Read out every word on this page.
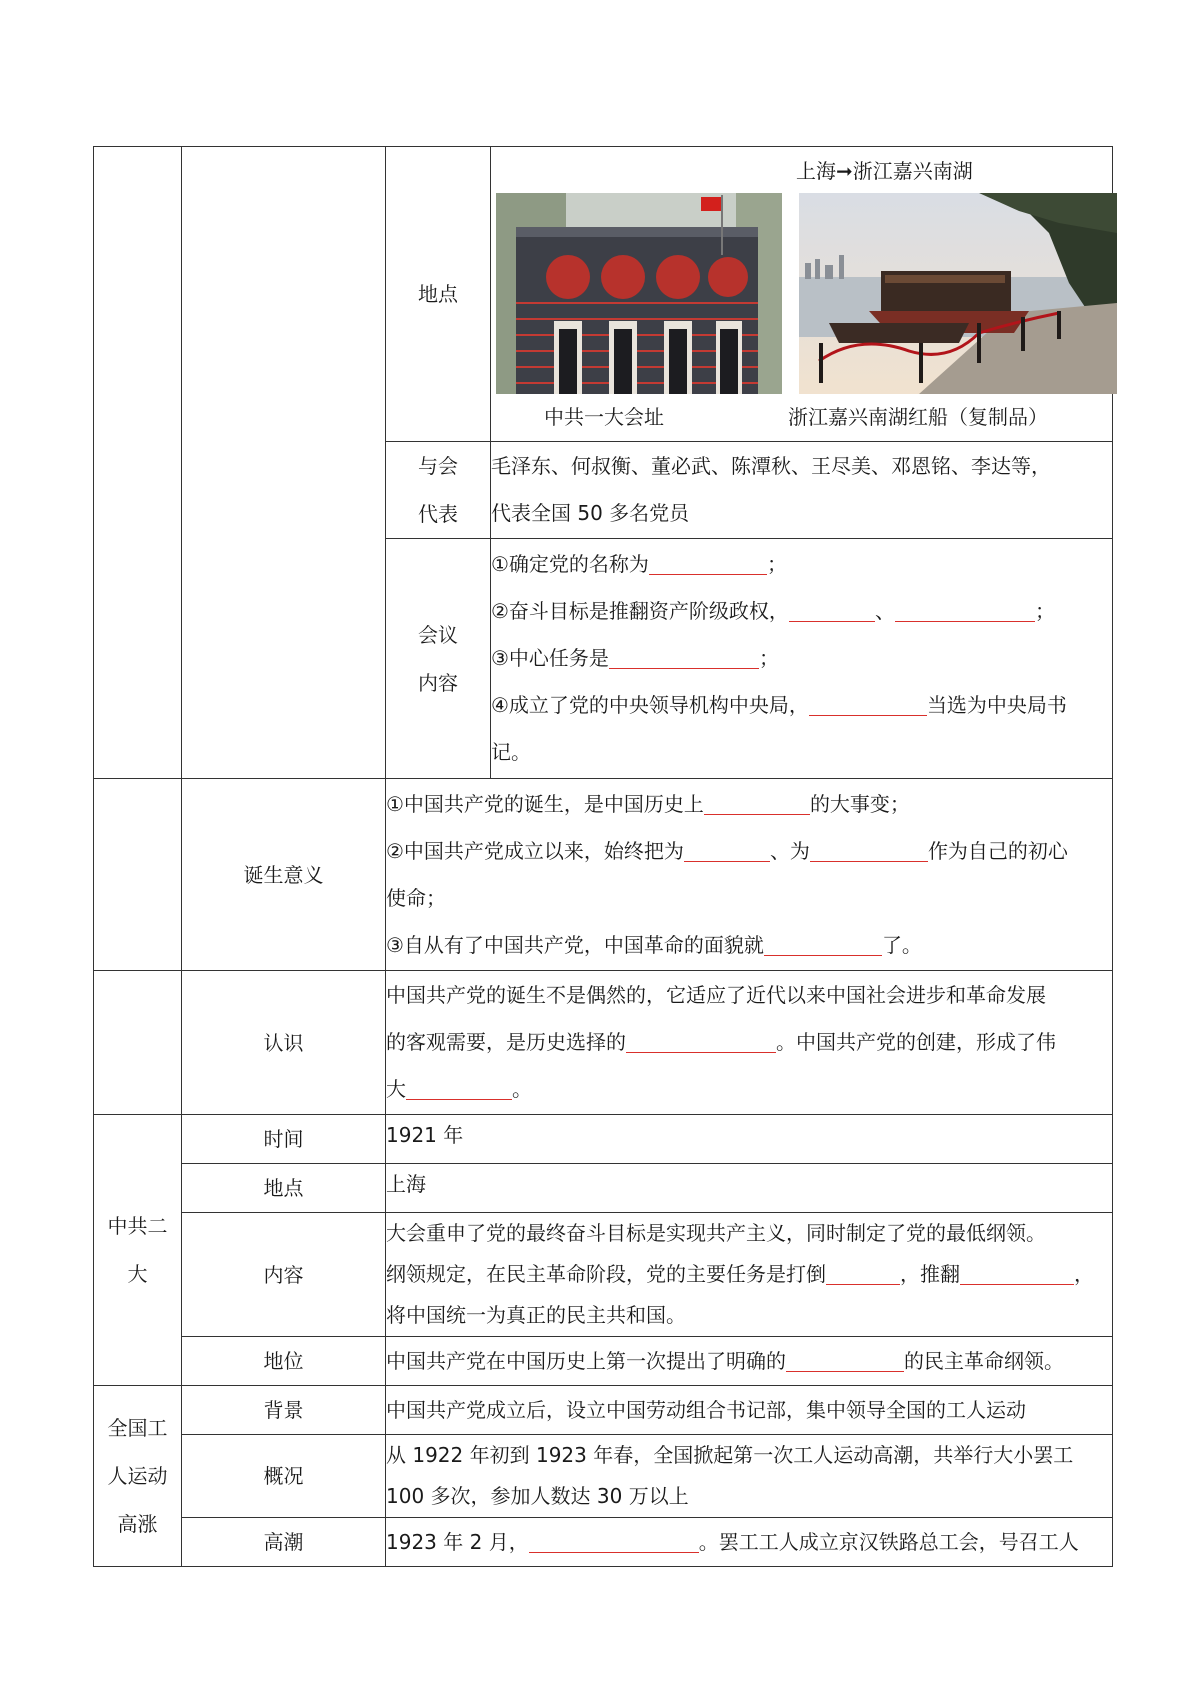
		地点	上海➞浙江嘉兴南湖
中共一大会址 浙江嘉兴南湖红船（复制品）

		与会
代表	毛泽东、何叔衡、董必武、陈潭秋、王尽美、邓恩铭、李达等，
代表全国 50 多名党员

		会议
内容	①确定党的名称为 ；
②奋斗目标是推翻资产阶级政权， 、 ；
③中心任务是 ；
④成立了党的中央领导机构中央局， 当选为中央局书
记。

	诞生意义	①中国共产党的诞生，是中国历史上 的大事变；
②中国共产党成立以来，始终把为 、为 作为自己的初心
使命；
③自从有了中国共产党，中国革命的面貌就 了。	

	认识	中国共产党的诞生不是偶然的，它适应了近代以来中国社会进步和革命发展
的客观需要，是历史选择的 。中国共产党的创建，形成了伟
大 。	

中共二
大	时间	1921 年	
	地点	上海	
	内容	大会重申了党的最终奋斗目标是实现共产主义，同时制定了党的最低纲领。
纲领规定，在民主革命阶段，党的主要任务是打倒 ，推翻 ，
将中国统一为真正的民主共和国。	

	地位	中国共产党在中国历史上第一次提出了明确的 的民主革命纲领。	

全国工
人运动
高涨	背景	中国共产党成立后，设立中国劳动组合书记部，集中领导全国的工人运动	
	概况	从 1922 年初到 1923 年春，全国掀起第一次工人运动高潮，共举行大小罢工
100 多次，参加人数达 30 万以上	

	高潮	1923 年 2 月， 。罢工工人成立京汉铁路总工会，号召工人	
